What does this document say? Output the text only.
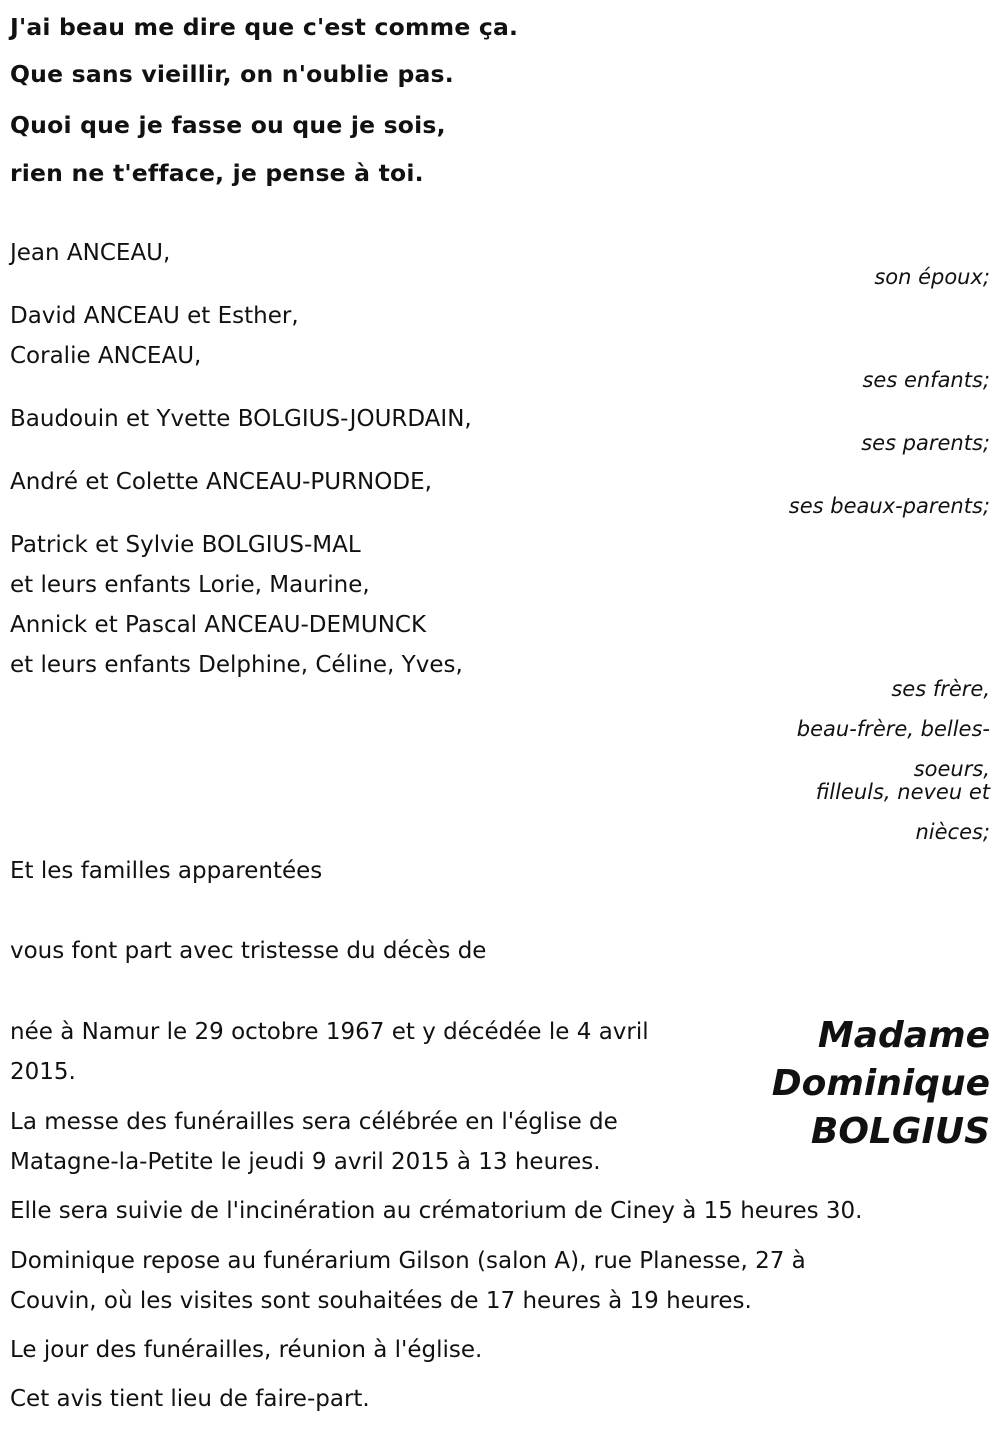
J'ai beau me dire que c'est comme ça.
Que sans vieillir, on n'oublie pas.
Quoi que je fasse ou que je sois,
rien ne t'efface, je pense à toi.
Jean ANCEAU,
son époux;
David ANCEAU et Esther,
Coralie ANCEAU,
ses enfants;
Baudouin et Yvette BOLGIUS-JOURDAIN,
ses parents;
André et Colette ANCEAU-PURNODE,
ses beaux-parents;
Patrick et Sylvie BOLGIUS-MAL
et leurs enfants Lorie, Maurine,
Annick et Pascal ANCEAU-DEMUNCK
et leurs enfants Delphine, Céline, Yves,
ses frère,
beau-frère, belles-
soeurs,
filleuls, neveu et
nièces;
Et les familles apparentées
vous font part avec tristesse du décès de
Madame
Dominique
BOLGIUS
née à Namur le 29 octobre 1967 et y décédée le 4 avril
2015.
La messe des funérailles sera célébrée en l'église de
Matagne-la-Petite le jeudi 9 avril 2015 à 13 heures.
Elle sera suivie de l'incinération au crématorium de Ciney à 15 heures 30.
Dominique repose au funérarium Gilson (salon A), rue Planesse, 27 à
Couvin, où les visites sont souhaitées de 17 heures à 19 heures.
Le jour des funérailles, réunion à l'église.
Cet avis tient lieu de faire-part.
